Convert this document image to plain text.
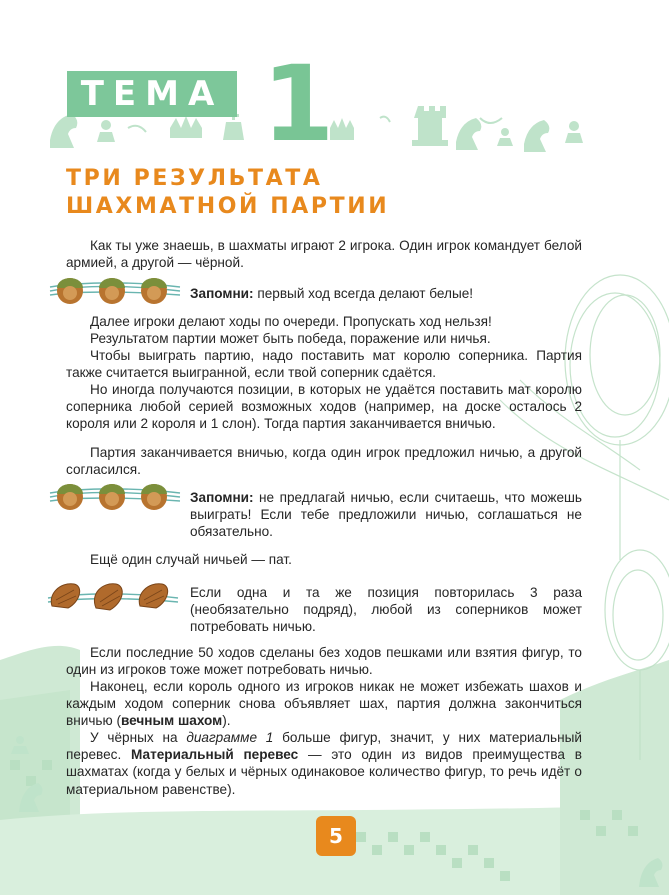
ТЕМА 1
ТРИ РЕЗУЛЬТАТА
ШАХМАТНОЙ ПАРТИИ

Как ты уже знаешь, в шахматы играют 2 игрока. Один игрок командует белой армией, а другой — чёрной.

Запомни: первый ход всегда делают белые!

Далее игроки делают ходы по очереди. Пропускать ход нельзя!

Результатом партии может быть победа, поражение или ничья.

Чтобы выиграть партию, надо поставить мат королю соперника. Партия также считается выигранной, если твой соперник сдаётся.

Но иногда получаются позиции, в которых не удаётся поставить мат королю соперника любой серией возможных ходов (например, на доске осталось 2 короля или 2 короля и 1 слон). Тогда партия заканчивается вничью.

Партия заканчивается вничью, когда один игрок предложил ничью, а другой согласился.

Запомни: не предлагай ничью, если считаешь, что можешь выиграть! Если тебе предложили ничью, соглашаться не обязательно.

Ещё один случай ничьей — пат.

Если одна и та же позиция повторилась 3 раза (необязательно подряд), любой из соперников может потребовать ничью.

Если последние 50 ходов сделаны без ходов пешками или взятия фигур, то один из игроков тоже может потребовать ничью.

Наконец, если король одного из игроков никак не может избежать шахов и каждым ходом соперник снова объявляет шах, партия должна закончиться вничью (вечным шахом).

У чёрных на диаграмме 1 больше фигур, значит, у них материальный перевес. Материальный перевес — это один из видов преимущества в шахматах (когда у белых и чёрных одинаковое количество фигур, то речь идёт о материальном равенстве).

5
